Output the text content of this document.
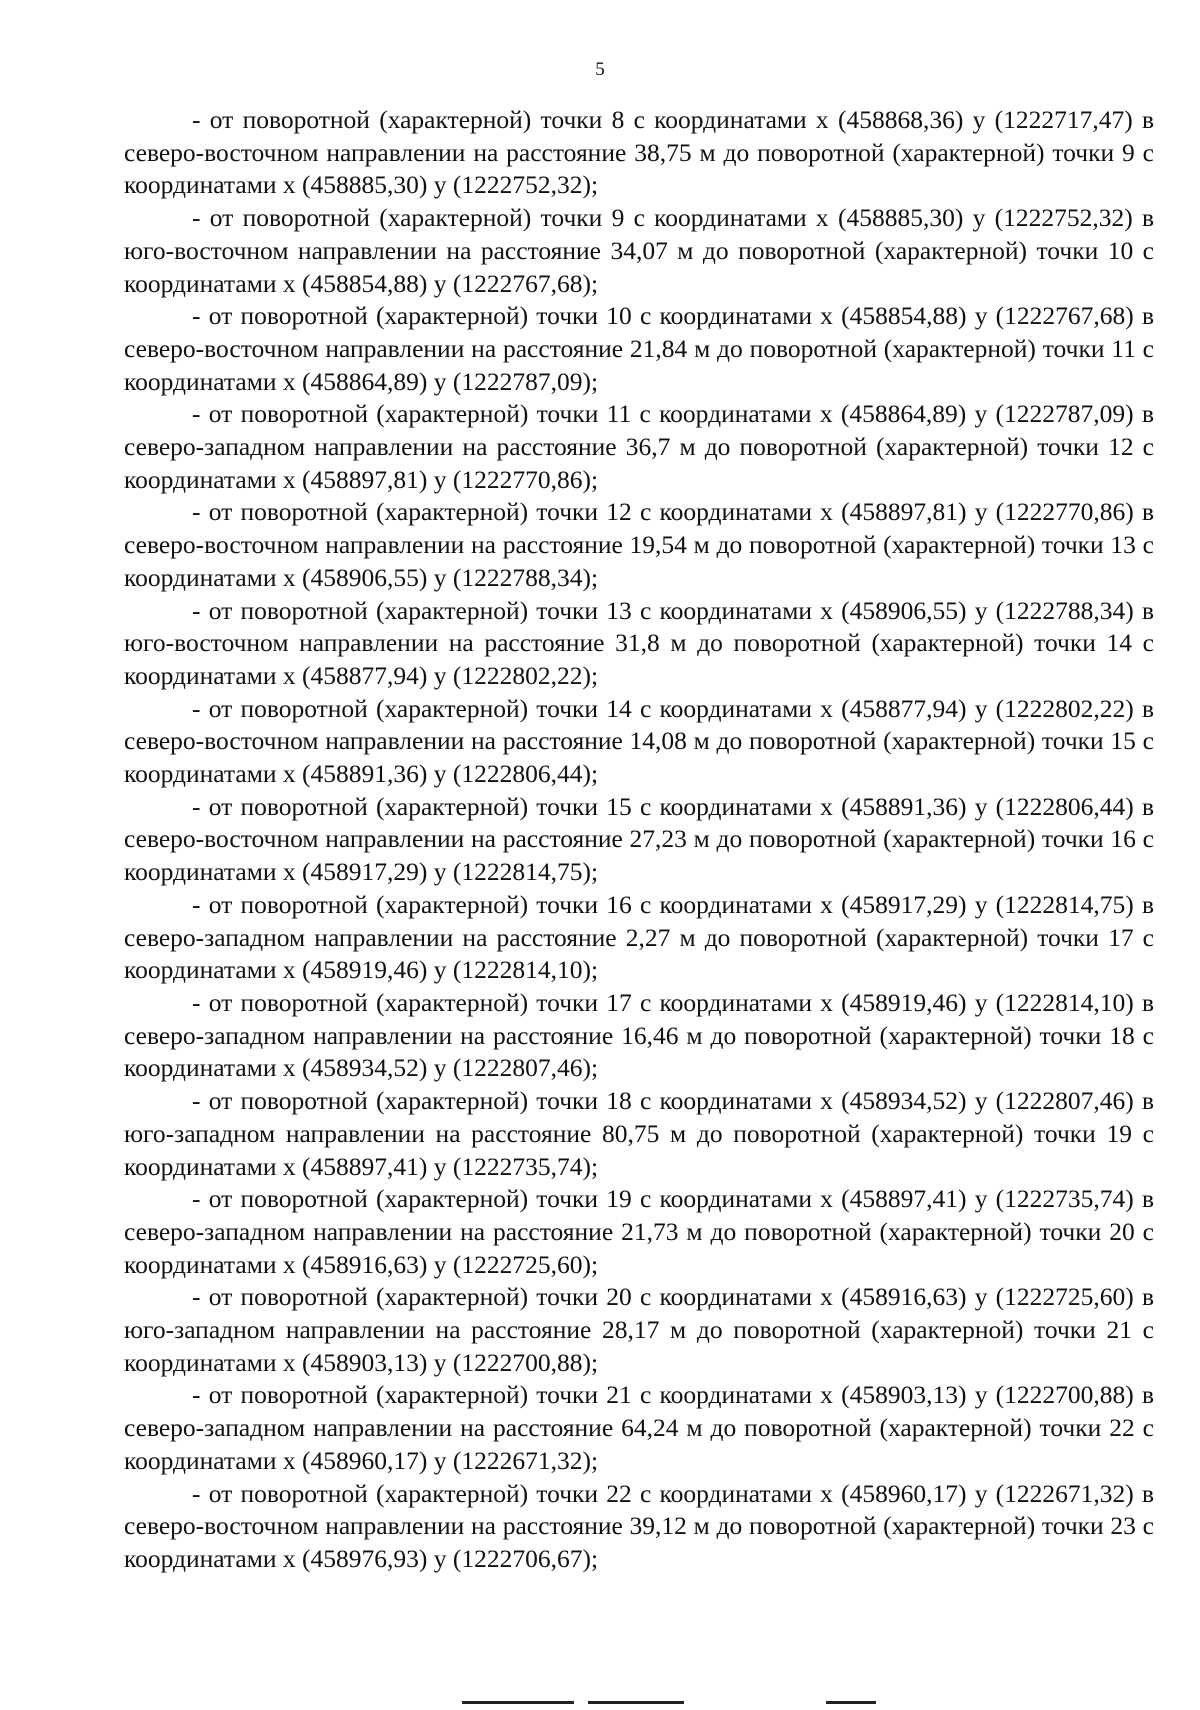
5

- от поворотной (характерной) точки 8 с координатами x (458868,36) y (1222717,47) в северо-восточном направлении на расстояние 38,75 м до поворотной (характерной) точки 9 с координатами x (458885,30) y (1222752,32);

- от поворотной (характерной) точки 9 с координатами x (458885,30) y (1222752,32) в юго-восточном направлении на расстояние 34,07 м до поворотной (характерной) точки 10 с координатами x (458854,88) y (1222767,68);

- от поворотной (характерной) точки 10 с координатами x (458854,88) y (1222767,68) в северо-восточном направлении на расстояние 21,84 м до поворотной (характерной) точки 11 с координатами x (458864,89) y (1222787,09);

- от поворотной (характерной) точки 11 с координатами x (458864,89) y (1222787,09) в северо-западном направлении на расстояние 36,7 м до поворотной (характерной) точки 12 с координатами x (458897,81) y (1222770,86);

- от поворотной (характерной) точки 12 с координатами x (458897,81) y (1222770,86) в северо-восточном направлении на расстояние 19,54 м до поворотной (характерной) точки 13 с координатами x (458906,55) y (1222788,34);

- от поворотной (характерной) точки 13 с координатами x (458906,55) y (1222788,34) в юго-восточном направлении на расстояние 31,8 м до поворотной (характерной) точки 14 с координатами x (458877,94) y (1222802,22);

- от поворотной (характерной) точки 14 с координатами x (458877,94) y (1222802,22) в северо-восточном направлении на расстояние 14,08 м до поворотной (характерной) точки 15 с координатами x (458891,36) y (1222806,44);

- от поворотной (характерной) точки 15 с координатами x (458891,36) y (1222806,44) в северо-восточном направлении на расстояние 27,23 м до поворотной (характерной) точки 16 с координатами x (458917,29) y (1222814,75);

- от поворотной (характерной) точки 16 с координатами x (458917,29) y (1222814,75) в северо-западном направлении на расстояние 2,27 м до поворотной (характерной) точки 17 с координатами x (458919,46) y (1222814,10);

- от поворотной (характерной) точки 17 с координатами x (458919,46) y (1222814,10) в северо-западном направлении на расстояние 16,46 м до поворотной (характерной) точки 18 с координатами x (458934,52) y (1222807,46);

- от поворотной (характерной) точки 18 с координатами x (458934,52) y (1222807,46) в юго-западном направлении на расстояние 80,75 м до поворотной (характерной) точки 19 с координатами x (458897,41) y (1222735,74);

- от поворотной (характерной) точки 19 с координатами x (458897,41) y (1222735,74) в северо-западном направлении на расстояние 21,73 м до поворотной (характерной) точки 20 с координатами x (458916,63) y (1222725,60);

- от поворотной (характерной) точки 20 с координатами x (458916,63) y (1222725,60) в юго-западном направлении на расстояние 28,17 м до поворотной (характерной) точки 21 с координатами x (458903,13) y (1222700,88);

- от поворотной (характерной) точки 21 с координатами x (458903,13) y (1222700,88) в северо-западном направлении на расстояние 64,24 м до поворотной (характерной) точки 22 с координатами x (458960,17) y (1222671,32);

- от поворотной (характерной) точки 22 с координатами x (458960,17) y (1222671,32) в северо-восточном направлении на расстояние 39,12 м до поворотной (характерной) точки 23 с координатами x (458976,93) y (1222706,67);
